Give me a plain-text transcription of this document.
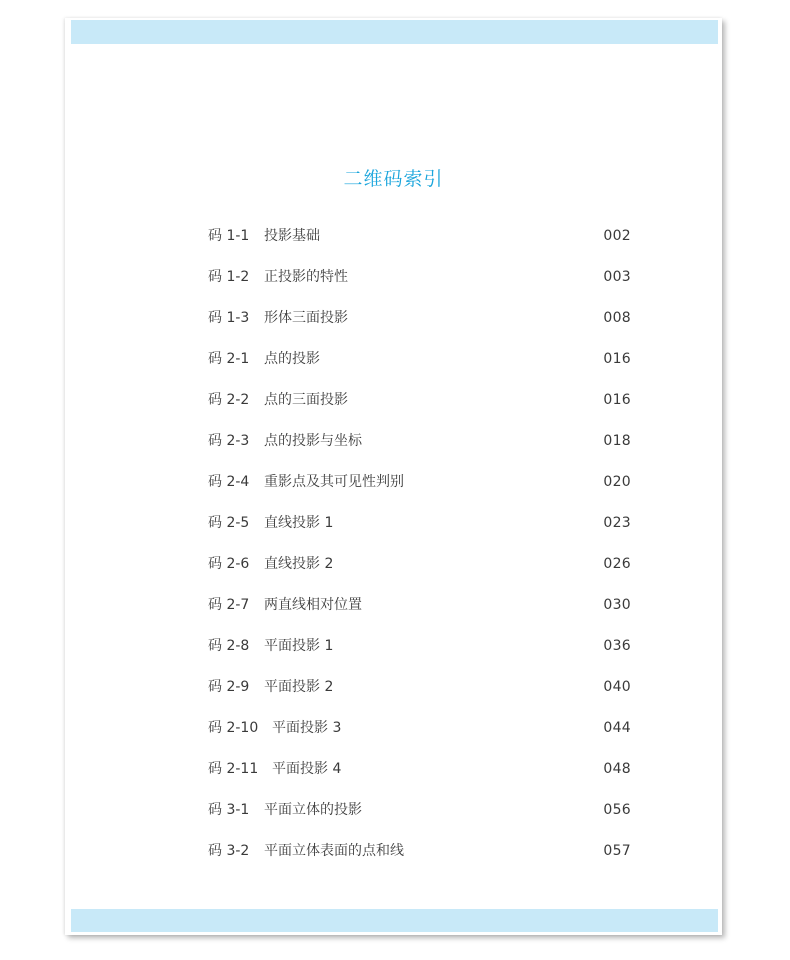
二维码索引
码 1-1 投影基础	002
码 1-2 正投影的特性	003
码 1-3 形体三面投影	008
码 2-1 点的投影	016
码 2-2 点的三面投影	016
码 2-3 点的投影与坐标	018
码 2-4 重影点及其可见性判别	020
码 2-5 直线投影 1	023
码 2-6 直线投影 2	026
码 2-7 两直线相对位置	030
码 2-8 平面投影 1	036
码 2-9 平面投影 2	040
码 2-10 平面投影 3	044
码 2-11 平面投影 4	048
码 3-1 平面立体的投影	056
码 3-2 平面立体表面的点和线	057
